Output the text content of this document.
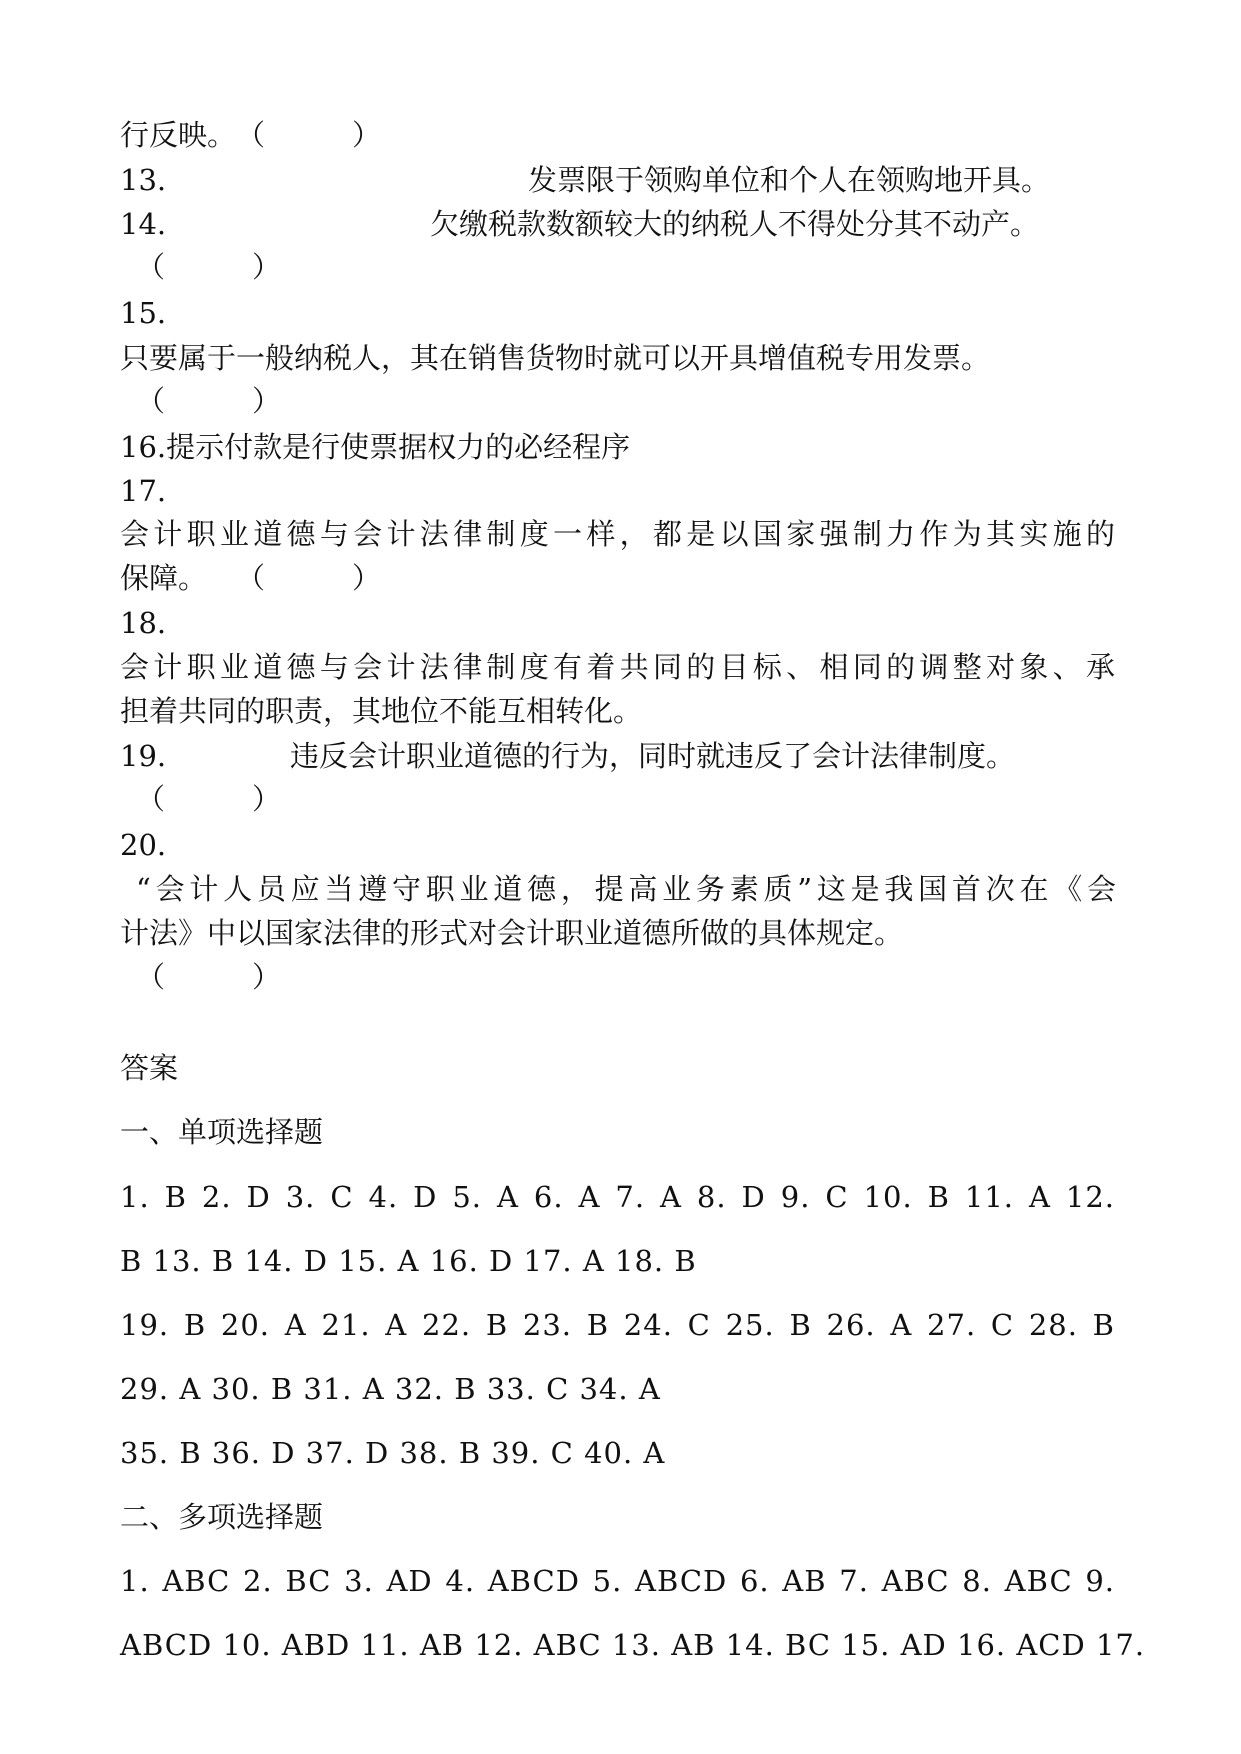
行反映。　（　　　）
13.	发票限于领购单位和个人在领购地开具。
14.	欠缴税款数额较大的纳税人不得处分其不动产。
（　　　）
15.
只要属于一般纳税人，其在销售货物时就可以开具增值税专用发票。
（　　　）
16.提示付款是行使票据权力的必经程序
17.
会计职业道德与会计法律制度一样，都是以国家强制力作为其实施的
保障。　　（　　　）
18.
会计职业道德与会计法律制度有着共同的目标、相同的调整对象、承
担着共同的职责，其地位不能互相转化。
19.	违反会计职业道德的行为，同时就违反了会计法律制度。
（　　　）
20.
“会计人员应当遵守职业道德，提高业务素质”这是我国首次在《会
计法》中以国家法律的形式对会计职业道德所做的具体规定。
（　　　）
答案
一、单项选择题
1. B 2. D 3. C 4. D 5. A 6. A 7. A 8. D 9. C 10. B 11. A 12.
B 13. B 14. D 15. A 16. D 17. A 18. B
19. B 20. A 21. A 22. B 23. B 24. C 25. B 26. A 27. C 28. B
29. A 30. B 31. A 32. B 33. C 34. A
35. B 36. D 37. D 38. B 39. C 40. A
二、多项选择题
1. ABC 2. BC 3. AD 4. ABCD 5. ABCD 6. AB 7. ABC 8. ABC 9.
ABCD 10. ABD 11. AB 12. ABC 13. AB 14. BC 15. AD 16. ACD 17.
